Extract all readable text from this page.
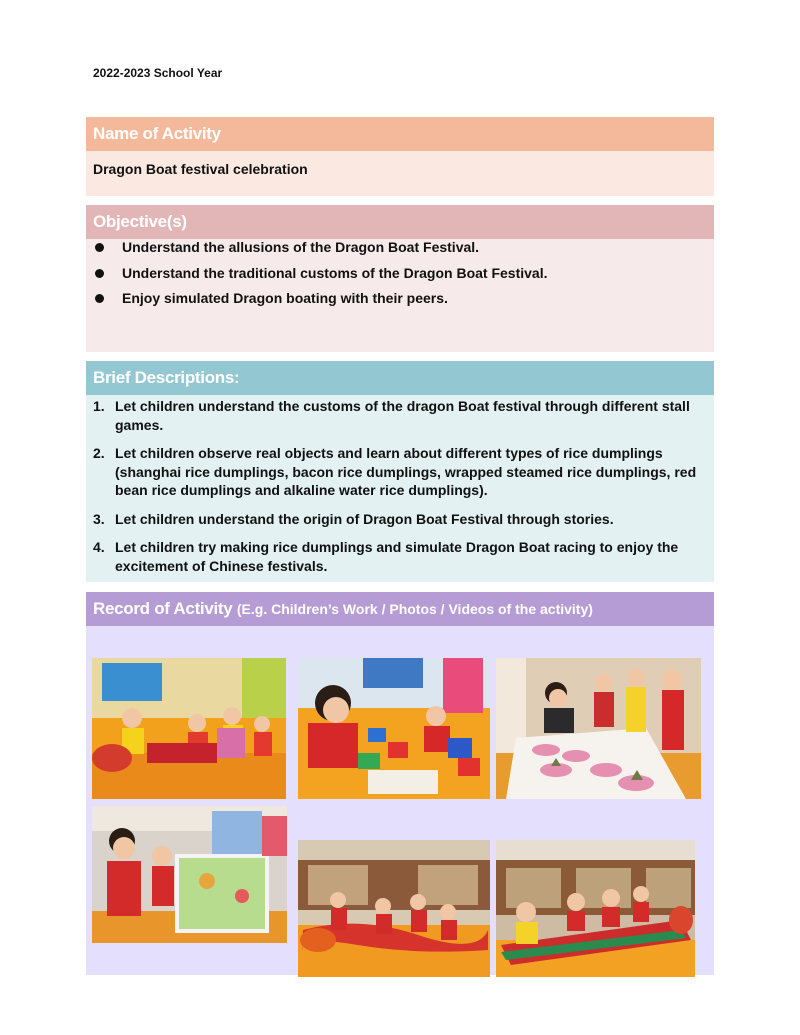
2022-2023 School Year
Name of Activity
Dragon Boat festival celebration
Objective(s)
Understand the allusions of the Dragon Boat Festival.
Understand the traditional customs of the Dragon Boat Festival.
Enjoy simulated Dragon boating with their peers.
Brief Descriptions:
1. Let children understand the customs of the dragon Boat festival through different stall games.
2. Let children observe real objects and learn about different types of rice dumplings (shanghai rice dumplings, bacon rice dumplings, wrapped steamed rice dumplings, red bean rice dumplings and alkaline water rice dumplings).
3. Let children understand the origin of Dragon Boat Festival through stories.
4. Let children try making rice dumplings and simulate Dragon Boat racing to enjoy the excitement of Chinese festivals.
Record of Activity (E.g. Children’s Work / Photos / Videos of the activity)
